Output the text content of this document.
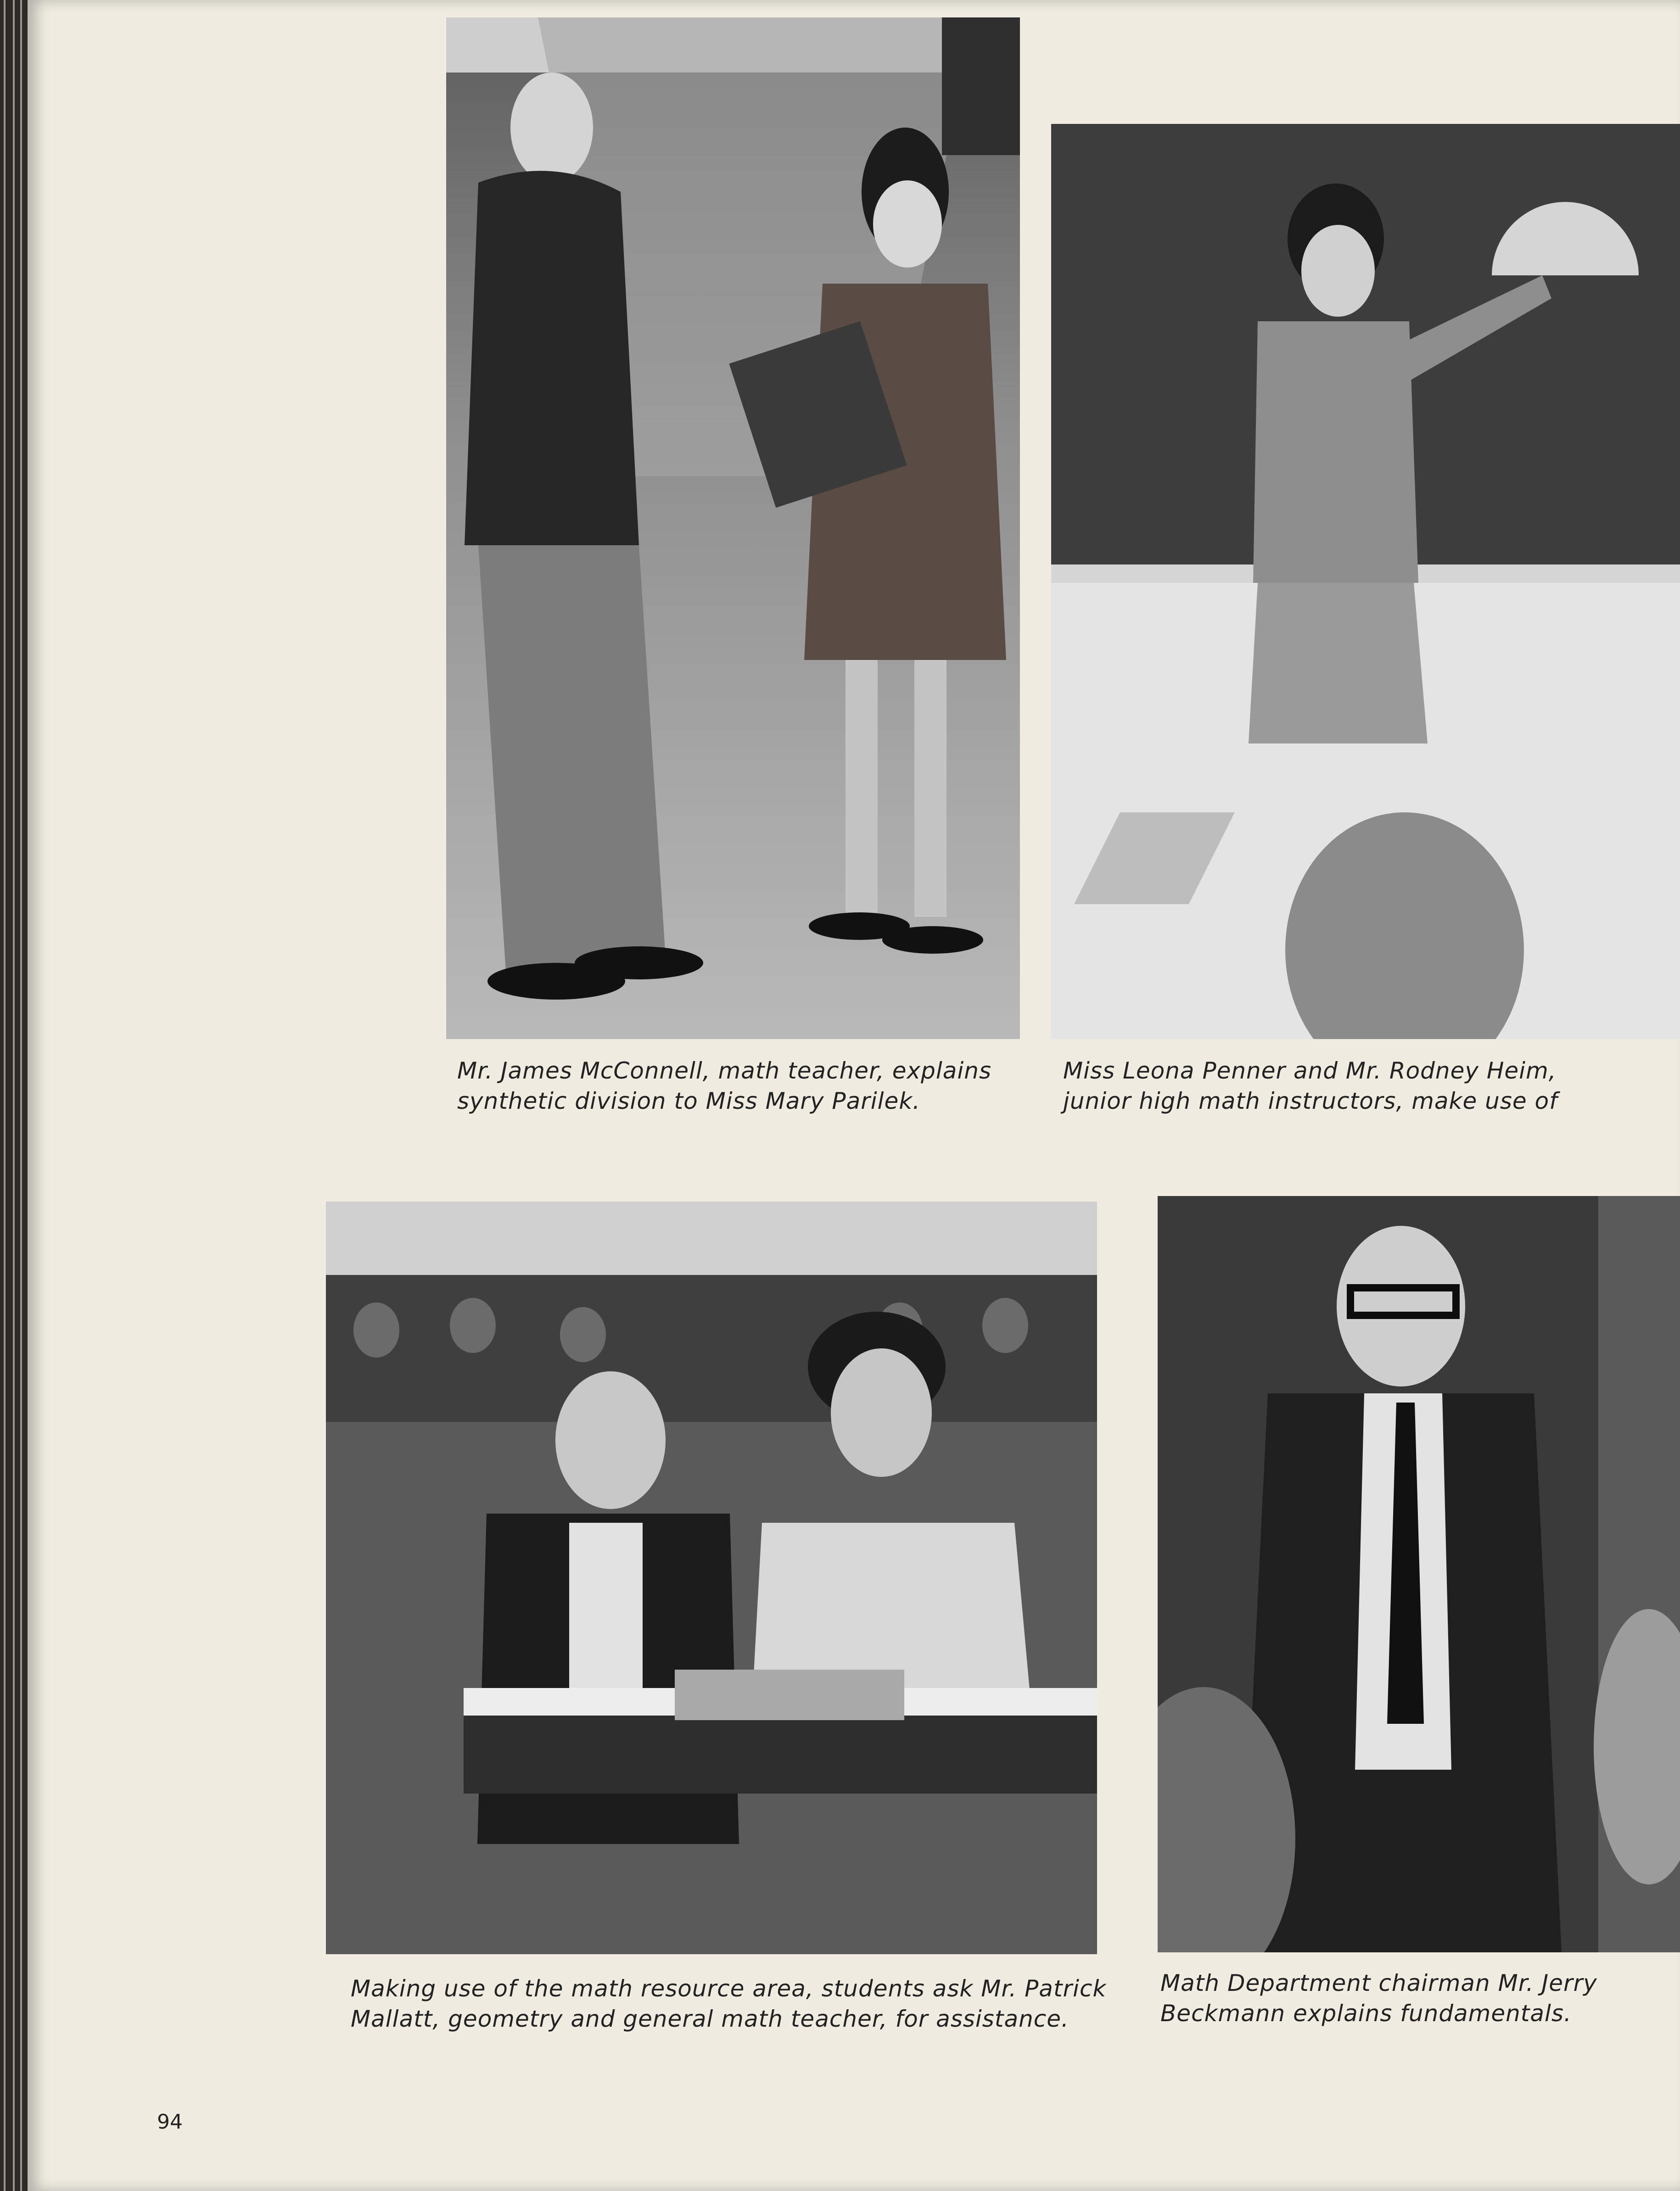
Mr. James McConnell, math teacher, explains
synthetic division to Miss Mary Parilek.
Miss Leona Penner and Mr. Rodney Heim,
junior high math instructors, make use of
Making use of the math resource area, students ask Mr. Patrick
Mallatt, geometry and general math teacher, for assistance.
Math Department chairman Mr. Jerry
Beckmann explains fundamentals.
94
